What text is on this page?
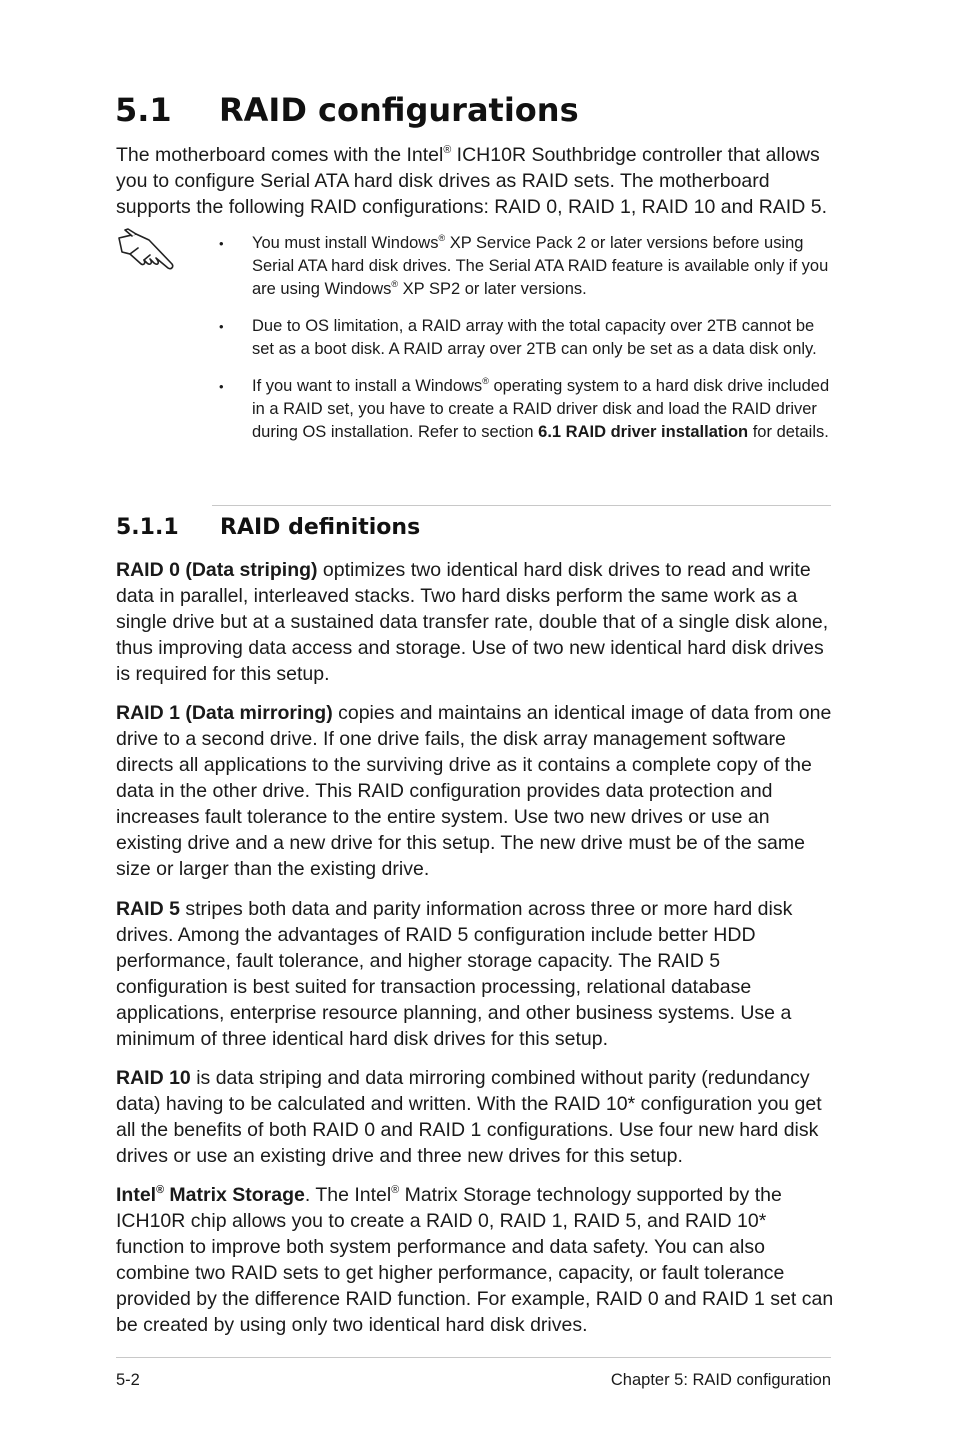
5.1 RAID configurations

The motherboard comes with the Intel® ICH10R Southbridge controller that allows you to configure Serial ATA hard disk drives as RAID sets. The motherboard supports the following RAID configurations: RAID 0, RAID 1, RAID 10 and RAID 5.

• You must install Windows® XP Service Pack 2 or later versions before using Serial ATA hard disk drives. The Serial ATA RAID feature is available only if you are using Windows® XP SP2 or later versions.
• Due to OS limitation, a RAID array with the total capacity over 2TB cannot be set as a boot disk. A RAID array over 2TB can only be set as a data disk only.
• If you want to install a Windows® operating system to a hard disk drive included in a RAID set, you have to create a RAID driver disk and load the RAID driver during OS installation. Refer to section 6.1 RAID driver installation for details.
5.1.1 RAID definitions

RAID 0 (Data striping) optimizes two identical hard disk drives to read and write data in parallel, interleaved stacks. Two hard disks perform the same work as a single drive but at a sustained data transfer rate, double that of a single disk alone, thus improving data access and storage. Use of two new identical hard disk drives is required for this setup.

RAID 1 (Data mirroring) copies and maintains an identical image of data from one drive to a second drive. If one drive fails, the disk array management software directs all applications to the surviving drive as it contains a complete copy of the data in the other drive. This RAID configuration provides data protection and increases fault tolerance to the entire system. Use two new drives or use an existing drive and a new drive for this setup. The new drive must be of the same size or larger than the existing drive.

RAID 5 stripes both data and parity information across three or more hard disk drives. Among the advantages of RAID 5 configuration include better HDD performance, fault tolerance, and higher storage capacity. The RAID 5 configuration is best suited for transaction processing, relational database applications, enterprise resource planning, and other business systems. Use a minimum of three identical hard disk drives for this setup.

RAID 10 is data striping and data mirroring combined without parity (redundancy data) having to be calculated and written. With the RAID 10* configuration you get all the benefits of both RAID 0 and RAID 1 configurations. Use four new hard disk drives or use an existing drive and three new drives for this setup.

Intel® Matrix Storage. The Intel® Matrix Storage technology supported by the ICH10R chip allows you to create a RAID 0, RAID 1, RAID 5, and RAID 10* function to improve both system performance and data safety. You can also combine two RAID sets to get higher performance, capacity, or fault tolerance provided by the difference RAID function. For example, RAID 0 and RAID 1 set can be created by using only two identical hard disk drives.

5-2	Chapter 5: RAID configuration
